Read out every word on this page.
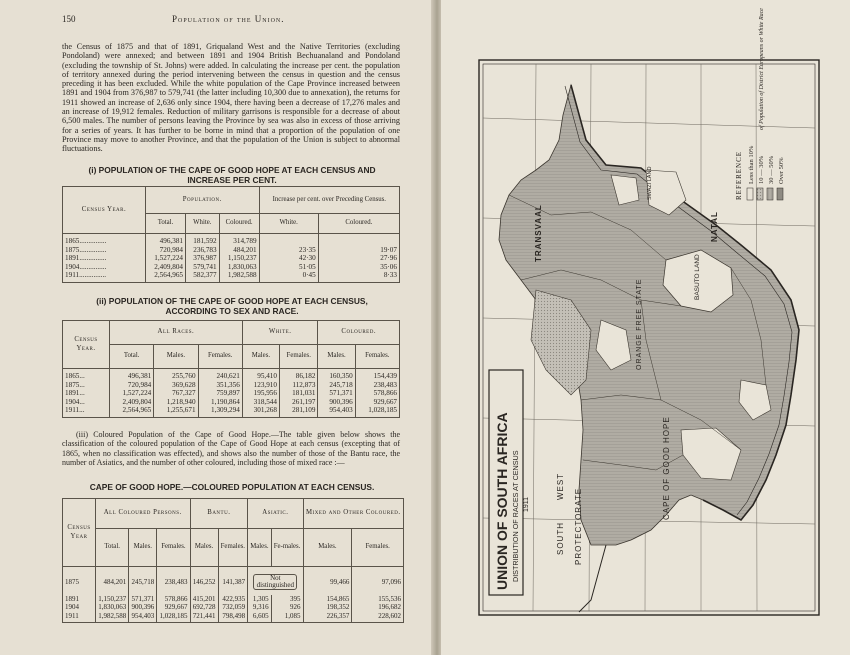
150	Population of the Union.

the Census of 1875 and that of 1891, Griqualand West and the Native Territories (excluding Pondoland) were annexed; and between 1891 and 1904 British Bechuanaland and Pondoland (excluding the township of St. Johns) were added. In calculating the increase per cent. the population of territory annexed during the period intervening between the census in question and the census preceding it has been excluded. While the white population of the Cape Province increased between 1891 and 1904 from 376,987 to 579,741 (the latter including 10,300 due to annexation), the returns for 1911 showed an increase of 2,636 only since 1904, there having been a decrease of 17,276 males and an increase of 19,912 females. Reduction of military garrisons is responsible for a decrease of about 6,500 males. The number of persons leaving the Province by sea was also in excess of those arriving for a series of years. It has further to be borne in mind that a proportion of the population of one Province may move to another Province, and that the population of the Union is subject to abnormal fluctuations.

(i) POPULATION OF THE CAPE OF GOOD HOPE AT EACH CENSUS AND
INCREASE PER CENT.
Census Year.	Population.			Increase per cent. over Preceding Census.	
	Total.	White.	Coloured.	White.	Coloured.
1865...............	496,381	181,592	314,789		
1875...............	720,984	236,783	484,201	23·35	19·07
1891...............	1,527,224	376,987	1,150,237	42·30	27·96
1904...............	2,409,804	579,741	1,830,063	51·05	35·06
1911...............	2,564,965	582,377	1,982,588	0·45	8·33
(ii) POPULATION OF THE CAPE OF GOOD HOPE AT EACH CENSUS,
ACCORDING TO SEX AND RACE.
Census Year.	All Races.			White.		Coloured.	
	Total.	Males.	Females.	Males.	Females.	Males.	Females.
1865...	496,381	255,760	240,621	95,410	86,182	160,350	154,439
1875...	720,984	369,628	351,356	123,910	112,873	245,718	238,483
1891...	1,527,224	767,327	759,897	195,956	181,031	571,371	578,866
1904...	2,409,804	1,218,940	1,190,864	318,544	261,197	900,396	929,667
1911...	2,564,965	1,255,671	1,309,294	301,268	281,109	954,403	1,028,185

(iii) Coloured Population of the Cape of Good Hope.—The table given below shows the classification of the coloured population of the Cape of Good Hope at each census (excepting that of 1865, when no classification was effected), and shows also the number of those of the Bantu race, the number of Asiatics, and the number of other coloured, including those of mixed race :—

CAPE OF GOOD HOPE.—COLOURED POPULATION AT EACH CENSUS.
Census Year	All Coloured Persons.			Bantu.		Asiatic.		Mixed and Other Coloured.	
	Total.	Males.	Females.	Males.	Females.	Males.	Fe-males.	Males.	Females.
1875	484,201	245,718	238,483	146,252	141,387	Not distinguished		99,466	97,096
1891	1,150,237	571,371	578,866	415,201	422,935	1,305	395	154,865	155,536
1904	1,830,063	900,396	929,667	692,728	732,059	9,316	926	198,352	196,682
1911	1,982,588	954,403	1,028,185	721,441	798,498	6,605	1,085	226,357	228,602
UNION OF SOUTH AFRICA DISTRIBUTION OF RACES AT CENSUS 1911
SOUTH
WEST
PROTECTORATE
TRANSVAAL	NATAL
BASUTO LAND
ORANGE FREE STATE
CAPE OF GOOD HOPE
SWAZI LAND	REFERENCE Less than 10% 10 — 30% 30 — 50% Over 50%
of Population of District Europeans or White Race
